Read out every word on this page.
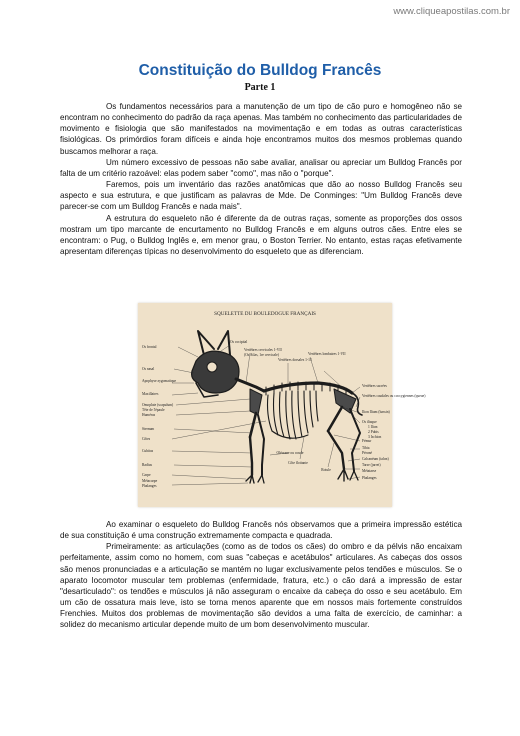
www.cliqueapostilas.com.br
Constituição do Bulldog Francês
Parte 1

Os fundamentos necessários para a manutenção de um tipo de cão puro e homogêneo não se encontram no conhecimento do padrão da raça apenas. Mas também no conhecimento das particularidades de movimento e fisiologia que são manifestados na movimentação e em todas as outras características fisiológicas. Os primórdios foram difíceis e ainda hoje encontramos muitos dos mesmos problemas quando buscamos melhorar a raça.

Um número excessivo de pessoas não sabe avaliar, analisar ou apreciar um Bulldog Francês por falta de um critério razoável: elas podem saber "como", mas não o "porque".

Faremos, pois um inventário das razões anatômicas que dão ao nosso Bulldog Francês seu aspecto e sua estrutura, e que justificam as palavras de Mde. De Conminges: "Um Bulldog Francês deve parecer-se com um Bulldog Francês e nada mais".

A estrutura do esqueleto não é diferente da de outras raças, somente as proporções dos ossos mostram um tipo marcante de encurtamento no Bulldog Francês e em alguns outros cães. Entre eles se encontram: o Pug, o Bulldog Inglês e, em menor grau, o Boston Terrier. No entanto, estas raças efetivamente apresentam diferenças típicas no desenvolvimento do esqueleto que as diferenciam.

SQUELETTE DU BOULEDOGUE FRANÇAIS
Os frontal
Os nasal
Apophyse zygomatique
Maxillaires
Omoplate (scapulum)
Tête de l'épaule
Humérus
Sternum
Côtes
Cubitus
Radius
Carpe
Métacarpe
Phalanges
Os occipital
Vertèbres cervicales 1-VII
(Os Atlas, 1re cervicale)
Vertèbres dorsales 1-13
Vertèbres lombaires 1-VII
Vertèbres sacrées
Vertèbres caudales ou coccygiennes (queue)
Ilion Ilium (bassin)
Os iliaque
1 Ilion
2 Pubis
3 Ischion
Fémur
Tibia
Péroné
Calcanéum (talon)
Tarse (jarret)
Métatarse
Phalanges
Olécrane ou coude
Côte flottante
Rotule

Ao examinar o esqueleto do Bulldog Francês nós observamos que a primeira impressão estética de sua constituição é uma construção extremamente compacta e quadrada.

Primeiramente: as articulações (como as de todos os cães) do ombro e da pélvis não encaixam perfeitamente, assim como no homem, com suas "cabeças e acetábulos" articulares. As cabeças dos ossos são menos pronunciadas e a articulação se mantém no lugar exclusivamente pelos tendões e músculos. Se o aparato locomotor muscular tem problemas (enfermidade, fratura, etc.) o cão dará a impressão de estar "desarticulado": os tendões e músculos já não asseguram o encaixe da cabeça do osso e seu acetábulo. Em um cão de ossatura mais leve, isto se torna menos aparente que em nossos mais fortemente construídos Frenchies. Muitos dos problemas de movimentação são devidos a uma falta de exercício, de caminhar: a solidez do mecanismo articular depende muito de um bom desenvolvimento muscular.
